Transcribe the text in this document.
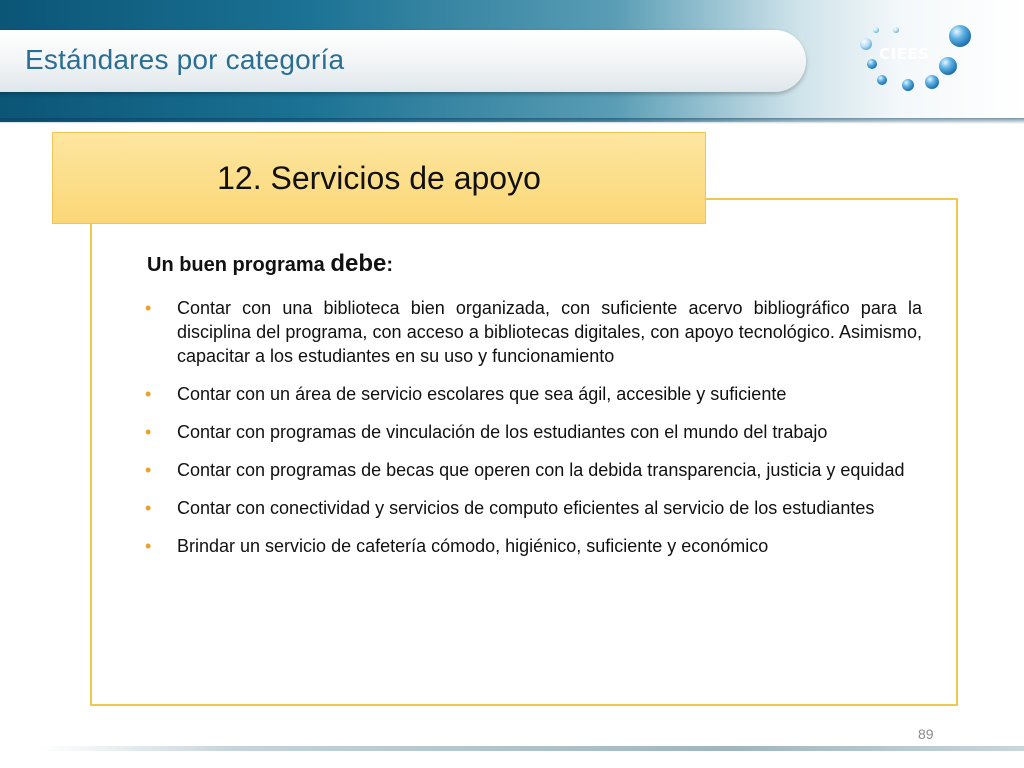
Estándares por categoría	CIEES
12. Servicios de apoyo
Un buen programa debe:
• Contar con una biblioteca bien organizada, con suficiente acervo bibliográfico para la disciplina del programa, con acceso a bibliotecas digitales, con apoyo tecnológico. Asimismo, capacitar a los estudiantes en su uso y funcionamiento
• Contar con un área de servicio escolares que sea ágil, accesible y suficiente
• Contar con programas de vinculación de los estudiantes con el mundo del trabajo
• Contar con programas de becas que operen con la debida transparencia, justicia y equidad
• Contar con conectividad y servicios de computo eficientes al servicio de los estudiantes
• Brindar un servicio de cafetería cómodo, higiénico, suficiente y económico
89
